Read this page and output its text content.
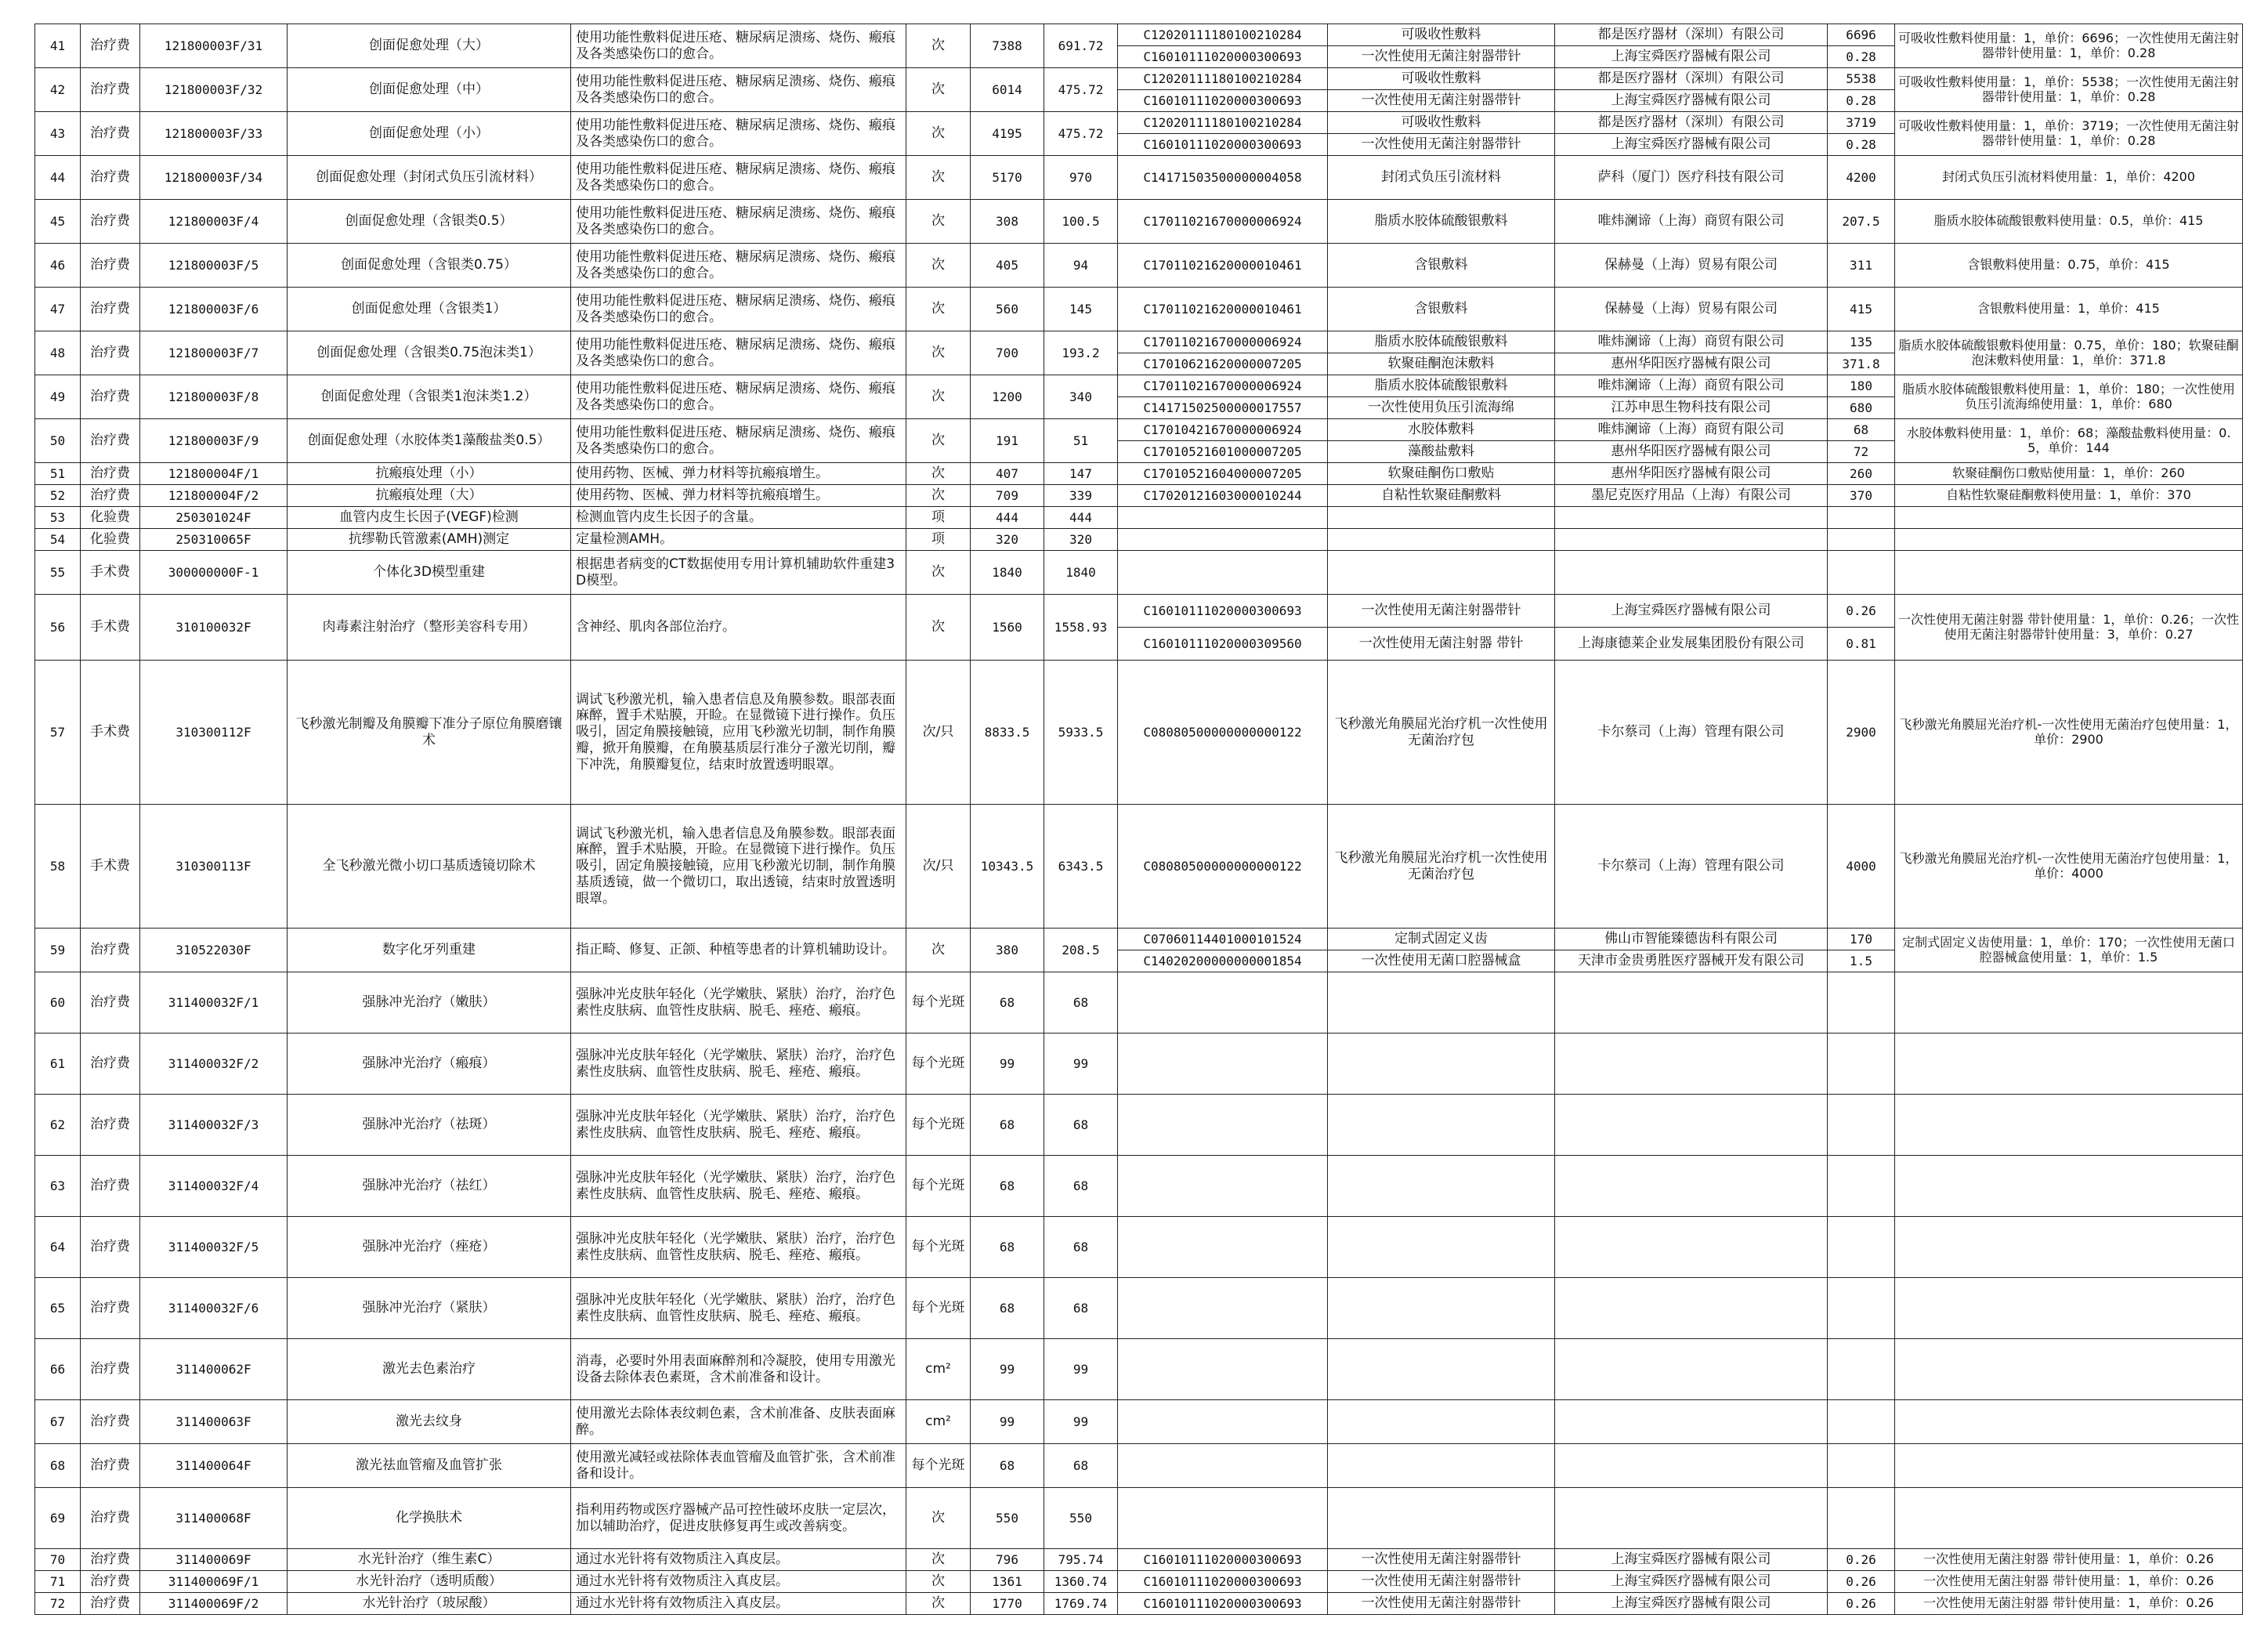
41	治疗费	121800003F/31	创面促愈处理（大）	使用功能性敷料促进压疮、糖尿病足溃疡、烧伤、瘢痕及各类感染伤口的愈合。	次	7388	691.72	C12020111180100210284	可吸收性敷料	都是医疗器材（深圳）有限公司	6696	可吸收性敷料使用量：1，单价：6696；一次性使用无菌注射器带针使用量：1，单价：0.28
								C16010111020000300693	一次性使用无菌注射器带针	上海宝舜医疗器械有限公司	0.28	
42	治疗费	121800003F/32	创面促愈处理（中）	使用功能性敷料促进压疮、糖尿病足溃疡、烧伤、瘢痕及各类感染伤口的愈合。	次	6014	475.72	C12020111180100210284	可吸收性敷料	都是医疗器材（深圳）有限公司	5538	可吸收性敷料使用量：1，单价：5538；一次性使用无菌注射器带针使用量：1，单价：0.28
								C16010111020000300693	一次性使用无菌注射器带针	上海宝舜医疗器械有限公司	0.28	
43	治疗费	121800003F/33	创面促愈处理（小）	使用功能性敷料促进压疮、糖尿病足溃疡、烧伤、瘢痕及各类感染伤口的愈合。	次	4195	475.72	C12020111180100210284	可吸收性敷料	都是医疗器材（深圳）有限公司	3719	可吸收性敷料使用量：1，单价：3719；一次性使用无菌注射器带针使用量：1，单价：0.28
								C16010111020000300693	一次性使用无菌注射器带针	上海宝舜医疗器械有限公司	0.28	
44	治疗费	121800003F/34	创面促愈处理（封闭式负压引流材料）	使用功能性敷料促进压疮、糖尿病足溃疡、烧伤、瘢痕及各类感染伤口的愈合。	次	5170	970	C14171503500000004058	封闭式负压引流材料	萨科（厦门）医疗科技有限公司	4200	封闭式负压引流材料使用量：1，单价：4200
45	治疗费	121800003F/4	创面促愈处理（含银类0.5）	使用功能性敷料促进压疮、糖尿病足溃疡、烧伤、瘢痕及各类感染伤口的愈合。	次	308	100.5	C17011021670000006924	脂质水胶体硫酸银敷料	唯炜澜谛（上海）商贸有限公司	207.5	脂质水胶体硫酸银敷料使用量：0.5，单价：415
46	治疗费	121800003F/5	创面促愈处理（含银类0.75）	使用功能性敷料促进压疮、糖尿病足溃疡、烧伤、瘢痕及各类感染伤口的愈合。	次	405	94	C17011021620000010461	含银敷料	保赫曼（上海）贸易有限公司	311	含银敷料使用量：0.75，单价：415
47	治疗费	121800003F/6	创面促愈处理（含银类1）	使用功能性敷料促进压疮、糖尿病足溃疡、烧伤、瘢痕及各类感染伤口的愈合。	次	560	145	C17011021620000010461	含银敷料	保赫曼（上海）贸易有限公司	415	含银敷料使用量：1，单价：415
48	治疗费	121800003F/7	创面促愈处理（含银类0.75泡沫类1）	使用功能性敷料促进压疮、糖尿病足溃疡、烧伤、瘢痕及各类感染伤口的愈合。	次	700	193.2	C17011021670000006924	脂质水胶体硫酸银敷料	唯炜澜谛（上海）商贸有限公司	135	脂质水胶体硫酸银敷料使用量：0.75，单价：180；软聚硅酮泡沫敷料使用量：1，单价：371.8
								C17010621620000007205	软聚硅酮泡沫敷料	惠州华阳医疗器械有限公司	371.8	
49	治疗费	121800003F/8	创面促愈处理（含银类1泡沫类1.2）	使用功能性敷料促进压疮、糖尿病足溃疡、烧伤、瘢痕及各类感染伤口的愈合。	次	1200	340	C17011021670000006924	脂质水胶体硫酸银敷料	唯炜澜谛（上海）商贸有限公司	180	脂质水胶体硫酸银敷料使用量：1，单价：180；一次性使用负压引流海绵使用量：1，单价：680
								C14171502500000017557	一次性使用负压引流海绵	江苏申思生物科技有限公司	680	
50	治疗费	121800003F/9	创面促愈处理（水胶体类1藻酸盐类0.5）	使用功能性敷料促进压疮、糖尿病足溃疡、烧伤、瘢痕及各类感染伤口的愈合。	次	191	51	C17010421670000006924	水胶体敷料	唯炜澜谛（上海）商贸有限公司	68	水胶体敷料使用量：1，单价：68；藻酸盐敷料使用量：0.5，单价：144
								C17010521601000007205	藻酸盐敷料	惠州华阳医疗器械有限公司	72	
51	治疗费	121800004F/1	抗瘢痕处理（小）	使用药物、医械、弹力材料等抗瘢痕增生。	次	407	147	C17010521604000007205	软聚硅酮伤口敷贴	惠州华阳医疗器械有限公司	260	软聚硅酮伤口敷贴使用量：1，单价：260
52	治疗费	121800004F/2	抗瘢痕处理（大）	使用药物、医械、弹力材料等抗瘢痕增生。	次	709	339	C17020121603000010244	自粘性软聚硅酮敷料	墨尼克医疗用品（上海）有限公司	370	自粘性软聚硅酮敷料使用量：1，单价：370
53	化验费	250301024F	血管内皮生长因子(VEGF)检测	检测血管内皮生长因子的含量。	项	444	444					
54	化验费	250310065F	抗缪勒氏管激素(AMH)测定	定量检测AMH。	项	320	320					
55	手术费	300000000F-1	个体化3D模型重建	根据患者病变的CT数据使用专用计算机辅助软件重建3D模型。	次	1840	1840					
56	手术费	310100032F	肉毒素注射治疗（整形美容科专用）	含神经、肌肉各部位治疗。	次	1560	1558.93	C16010111020000300693	一次性使用无菌注射器带针	上海宝舜医疗器械有限公司	0.26	一次性使用无菌注射器 带针使用量：1，单价：0.26；一次性使用无菌注射器带针使用量：3，单价：0.27
								C16010111020000309560	一次性使用无菌注射器 带针	上海康德莱企业发展集团股份有限公司	0.81	
57	手术费	310300112F	飞秒激光制瓣及角膜瓣下准分子原位角膜磨镶术	调试飞秒激光机，输入患者信息及角膜参数。眼部表面麻醉，置手术贴膜，开睑。在显微镜下进行操作。负压吸引，固定角膜接触镜，应用飞秒激光切制，制作角膜瓣，掀开角膜瓣，在角膜基质层行准分子激光切削，瓣下冲洗，角膜瓣复位，结束时放置透明眼罩。	次/只	8833.5	5933.5	C08080500000000000122	飞秒激光角膜屈光治疗机一次性使用无菌治疗包	卡尔蔡司（上海）管理有限公司	2900	飞秒激光角膜屈光治疗机-一次性使用无菌治疗包使用量：1，单价：2900
58	手术费	310300113F	全飞秒激光微小切口基质透镜切除术	调试飞秒激光机，输入患者信息及角膜参数。眼部表面麻醉，置手术贴膜，开睑。在显微镜下进行操作。负压吸引，固定角膜接触镜，应用飞秒激光切制，制作角膜基质透镜，做一个微切口，取出透镜，结束时放置透明眼罩。	次/只	10343.5	6343.5	C08080500000000000122	飞秒激光角膜屈光治疗机一次性使用无菌治疗包	卡尔蔡司（上海）管理有限公司	4000	飞秒激光角膜屈光治疗机-一次性使用无菌治疗包使用量：1，单价：4000
59	治疗费	310522030F	数字化牙列重建	指正畸、修复、正颌、种植等患者的计算机辅助设计。	次	380	208.5	C07060114401000101524	定制式固定义齿	佛山市智能臻德齿科有限公司	170	定制式固定义齿使用量：1，单价：170；一次性使用无菌口腔器械盒使用量：1，单价：1.5
								C14020200000000001854	一次性使用无菌口腔器械盒	天津市金贵勇胜医疗器械开发有限公司	1.5	
60	治疗费	311400032F/1	强脉冲光治疗（嫩肤）	强脉冲光皮肤年轻化（光学嫩肤、紧肤）治疗，治疗色素性皮肤病、血管性皮肤病、脱毛、痤疮、瘢痕。	每个光斑	68	68					
61	治疗费	311400032F/2	强脉冲光治疗（瘢痕）	强脉冲光皮肤年轻化（光学嫩肤、紧肤）治疗，治疗色素性皮肤病、血管性皮肤病、脱毛、痤疮、瘢痕。	每个光斑	99	99					
62	治疗费	311400032F/3	强脉冲光治疗（祛斑）	强脉冲光皮肤年轻化（光学嫩肤、紧肤）治疗，治疗色素性皮肤病、血管性皮肤病、脱毛、痤疮、瘢痕。	每个光斑	68	68					
63	治疗费	311400032F/4	强脉冲光治疗（祛红）	强脉冲光皮肤年轻化（光学嫩肤、紧肤）治疗，治疗色素性皮肤病、血管性皮肤病、脱毛、痤疮、瘢痕。	每个光斑	68	68					
64	治疗费	311400032F/5	强脉冲光治疗（痤疮）	强脉冲光皮肤年轻化（光学嫩肤、紧肤）治疗，治疗色素性皮肤病、血管性皮肤病、脱毛、痤疮、瘢痕。	每个光斑	68	68					
65	治疗费	311400032F/6	强脉冲光治疗（紧肤）	强脉冲光皮肤年轻化（光学嫩肤、紧肤）治疗，治疗色素性皮肤病、血管性皮肤病、脱毛、痤疮、瘢痕。	每个光斑	68	68					
66	治疗费	311400062F	激光去色素治疗	消毒，必要时外用表面麻醉剂和冷凝胶，使用专用激光设备去除体表色素斑，含术前准备和设计。	cm²	99	99					
67	治疗费	311400063F	激光去纹身	使用激光去除体表纹刺色素，含术前准备、皮肤表面麻醉。	cm²	99	99					
68	治疗费	311400064F	激光祛血管瘤及血管扩张	使用激光减轻或祛除体表血管瘤及血管扩张，含术前准备和设计。	每个光斑	68	68					
69	治疗费	311400068F	化学换肤术	指利用药物或医疗器械产品可控性破坏皮肤一定层次，加以辅助治疗，促进皮肤修复再生或改善病变。	次	550	550					
70	治疗费	311400069F	水光针治疗（维生素C）	通过水光针将有效物质注入真皮层。	次	796	795.74	C16010111020000300693	一次性使用无菌注射器带针	上海宝舜医疗器械有限公司	0.26	一次性使用无菌注射器 带针使用量：1，单价：0.26
71	治疗费	311400069F/1	水光针治疗（透明质酸）	通过水光针将有效物质注入真皮层。	次	1361	1360.74	C16010111020000300693	一次性使用无菌注射器带针	上海宝舜医疗器械有限公司	0.26	一次性使用无菌注射器 带针使用量：1，单价：0.26
72	治疗费	311400069F/2	水光针治疗（玻尿酸）	通过水光针将有效物质注入真皮层。	次	1770	1769.74	C16010111020000300693	一次性使用无菌注射器带针	上海宝舜医疗器械有限公司	0.26	一次性使用无菌注射器 带针使用量：1，单价：0.26
